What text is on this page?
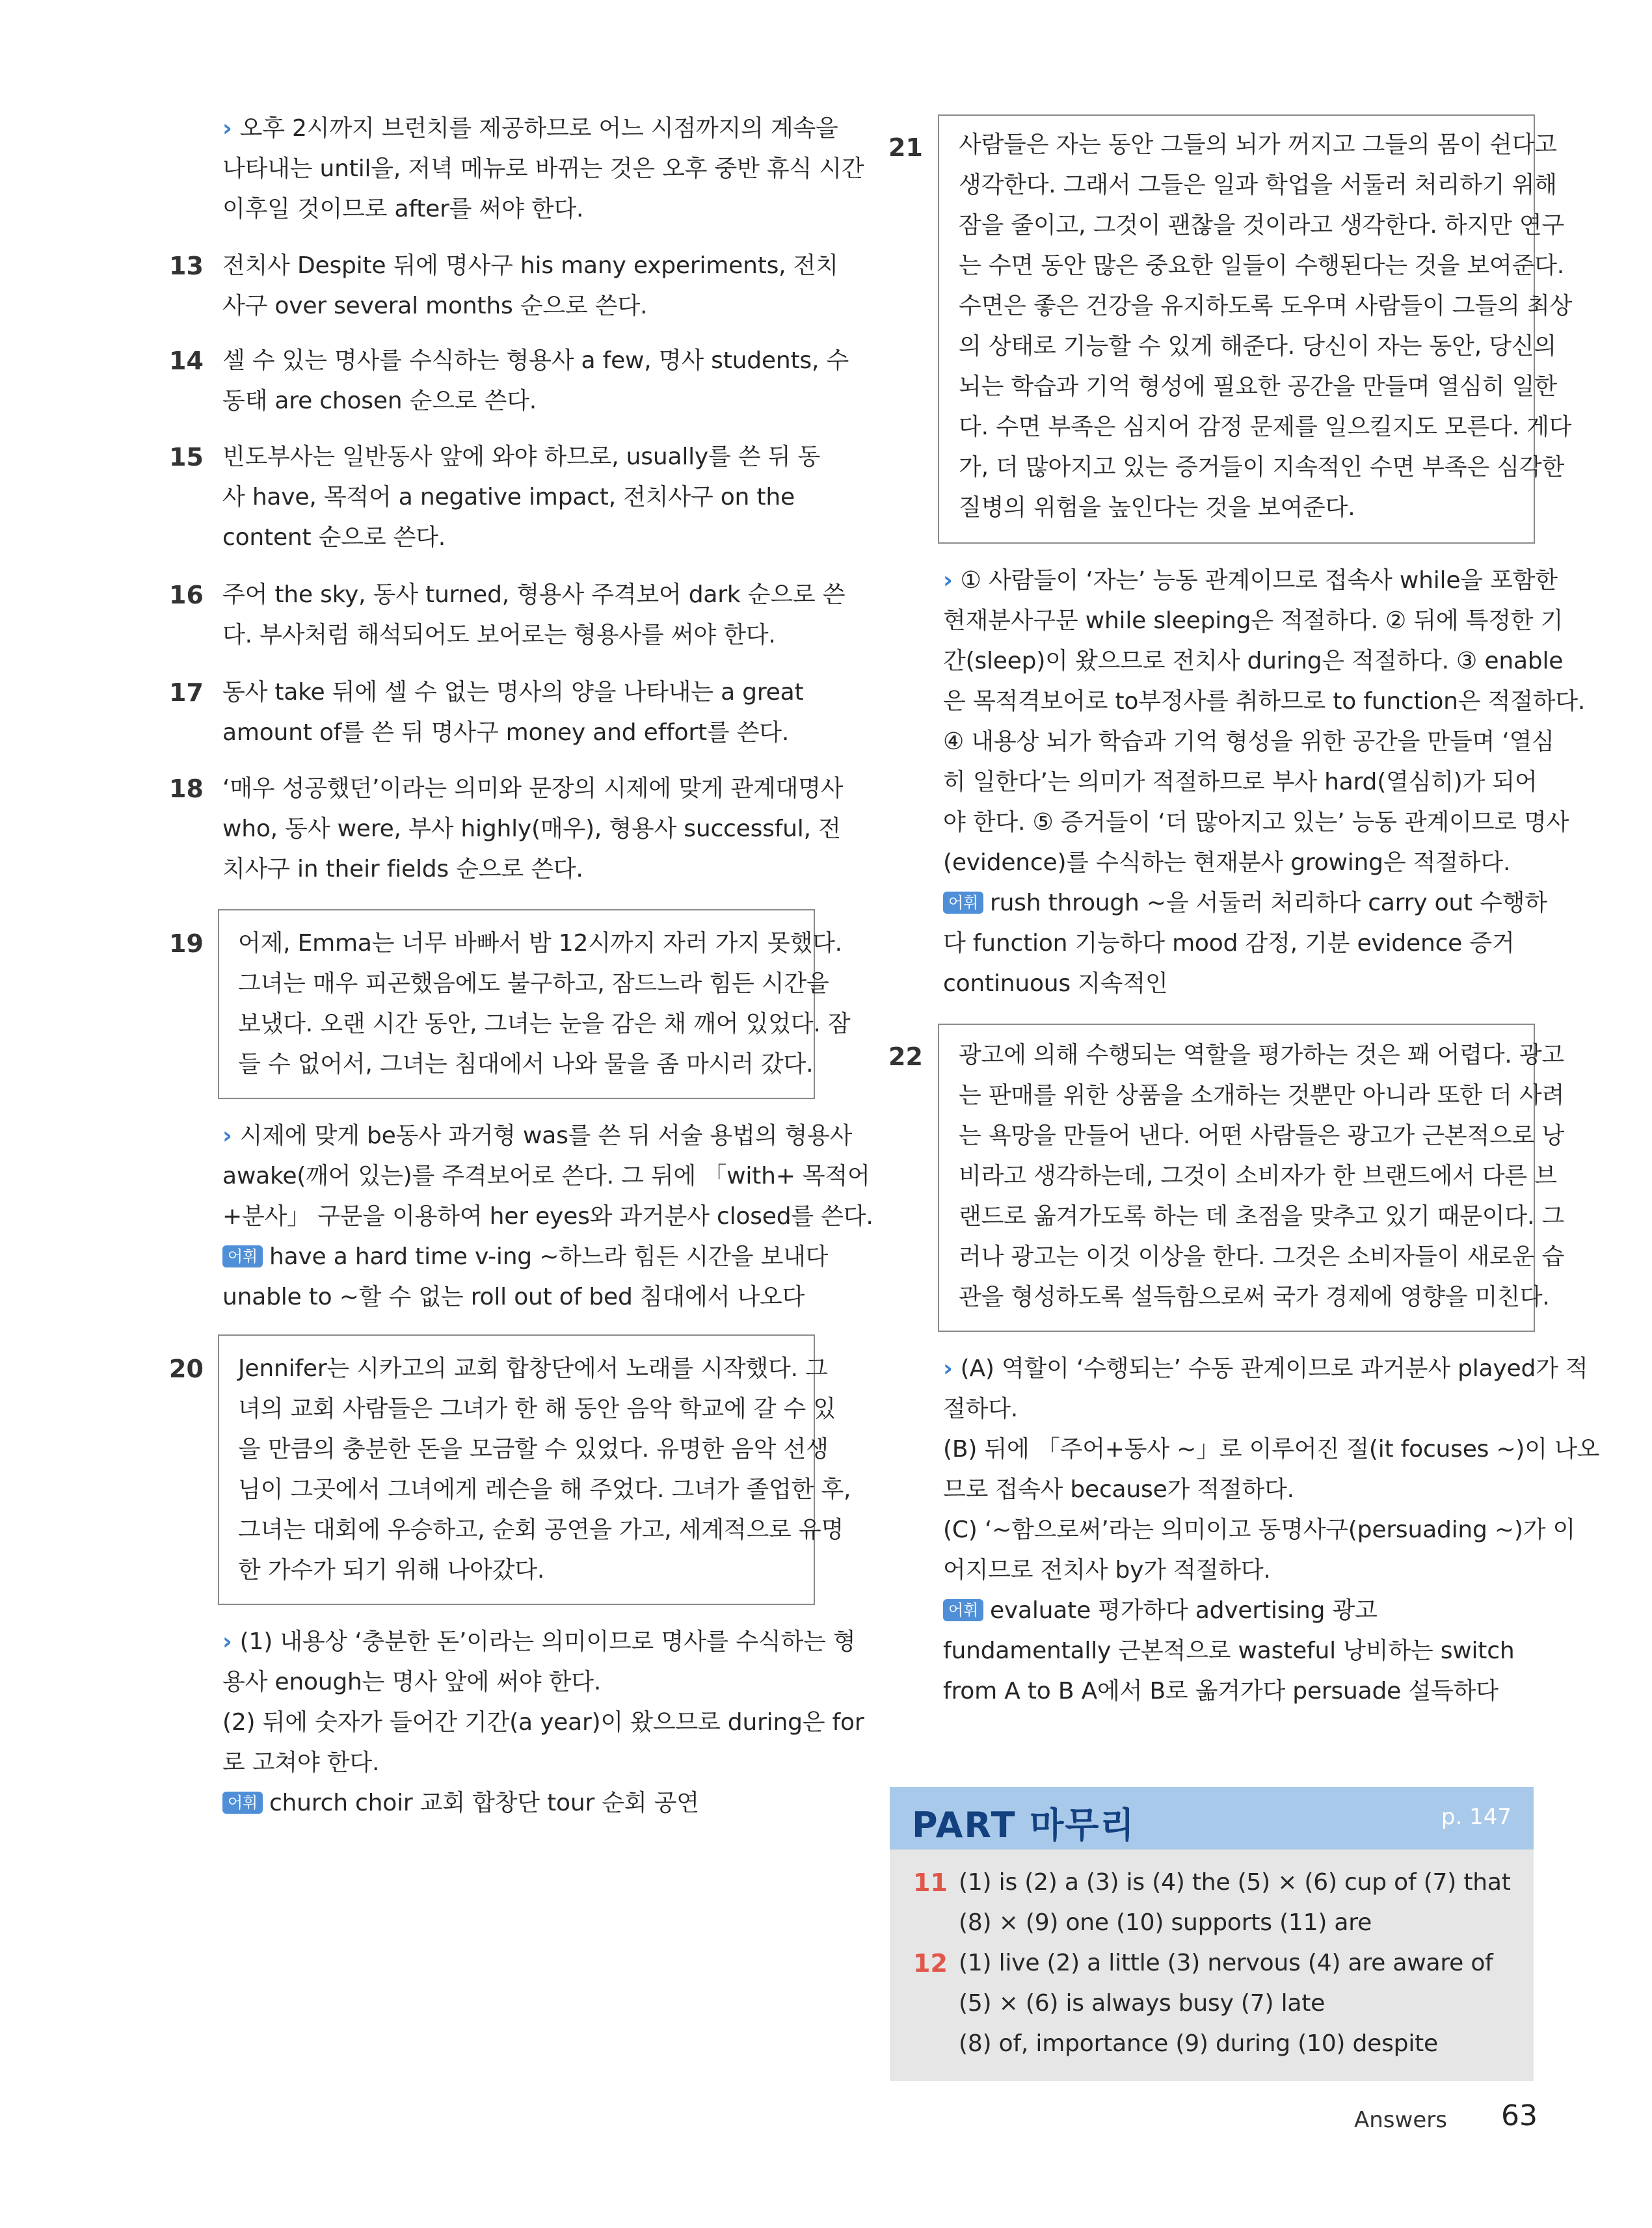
› 오후 2시까지 브런치를 제공하므로 어느 시점까지의 계속을
나타내는 until을, 저녁 메뉴로 바뀌는 것은 오후 중반 휴식 시간
이후일 것이므로 after를 써야 한다.
13 전치사 Despite 뒤에 명사구 his many experiments, 전치
사구 over several months 순으로 쓴다.
14 셀 수 있는 명사를 수식하는 형용사 a few, 명사 students, 수
동태 are chosen 순으로 쓴다.
15 빈도부사는 일반동사 앞에 와야 하므로, usually를 쓴 뒤 동
사 have, 목적어 a negative impact, 전치사구 on the
content 순으로 쓴다.
16 주어 the sky, 동사 turned, 형용사 주격보어 dark 순으로 쓴
다. 부사처럼 해석되어도 보어로는 형용사를 써야 한다.
17 동사 take 뒤에 셀 수 없는 명사의 양을 나타내는 a great
amount of를 쓴 뒤 명사구 money and effort를 쓴다.
18 ‘매우 성공했던’이라는 의미와 문장의 시제에 맞게 관계대명사
who, 동사 were, 부사 highly(매우), 형용사 successful, 전
치사구 in their fields 순으로 쓴다.
19 어제, Emma는 너무 바빠서 밤 12시까지 자러 가지 못했다.
그녀는 매우 피곤했음에도 불구하고, 잠드느라 힘든 시간을
보냈다. 오랜 시간 동안, 그녀는 눈을 감은 채 깨어 있었다. 잠
들 수 없어서, 그녀는 침대에서 나와 물을 좀 마시러 갔다.
› 시제에 맞게 be동사 과거형 was를 쓴 뒤 서술 용법의 형용사
awake(깨어 있는)를 주격보어로 쓴다. 그 뒤에 「with+ 목적어
+분사」 구문을 이용하여 her eyes와 과거분사 closed를 쓴다.
어휘 have a hard time v-ing ~하느라 힘든 시간을 보내다
unable to ~할 수 없는 roll out of bed 침대에서 나오다
20 Jennifer는 시카고의 교회 합창단에서 노래를 시작했다. 그
녀의 교회 사람들은 그녀가 한 해 동안 음악 학교에 갈 수 있
을 만큼의 충분한 돈을 모금할 수 있었다. 유명한 음악 선생
님이 그곳에서 그녀에게 레슨을 해 주었다. 그녀가 졸업한 후,
그녀는 대회에 우승하고, 순회 공연을 가고, 세계적으로 유명
한 가수가 되기 위해 나아갔다.
› (1) 내용상 ‘충분한 돈’이라는 의미이므로 명사를 수식하는 형
용사 enough는 명사 앞에 써야 한다.
(2) 뒤에 숫자가 들어간 기간(a year)이 왔으므로 during은 for
로 고쳐야 한다.
어휘 church choir 교회 합창단 tour 순회 공연
21 사람들은 자는 동안 그들의 뇌가 꺼지고 그들의 몸이 쉰다고
생각한다. 그래서 그들은 일과 학업을 서둘러 처리하기 위해
잠을 줄이고, 그것이 괜찮을 것이라고 생각한다. 하지만 연구
는 수면 동안 많은 중요한 일들이 수행된다는 것을 보여준다.
수면은 좋은 건강을 유지하도록 도우며 사람들이 그들의 최상
의 상태로 기능할 수 있게 해준다. 당신이 자는 동안, 당신의
뇌는 학습과 기억 형성에 필요한 공간을 만들며 열심히 일한
다. 수면 부족은 심지어 감정 문제를 일으킬지도 모른다. 게다
가, 더 많아지고 있는 증거들이 지속적인 수면 부족은 심각한
질병의 위험을 높인다는 것을 보여준다.
› ① 사람들이 ‘자는’ 능동 관계이므로 접속사 while을 포함한
현재분사구문 while sleeping은 적절하다. ② 뒤에 특정한 기
간(sleep)이 왔으므로 전치사 during은 적절하다. ③ enable
은 목적격보어로 to부정사를 취하므로 to function은 적절하다.
④ 내용상 뇌가 학습과 기억 형성을 위한 공간을 만들며 ‘열심
히 일한다’는 의미가 적절하므로 부사 hard(열심히)가 되어
야 한다. ⑤ 증거들이 ‘더 많아지고 있는’ 능동 관계이므로 명사
(evidence)를 수식하는 현재분사 growing은 적절하다.
어휘 rush through ~을 서둘러 처리하다 carry out 수행하
다 function 기능하다 mood 감정, 기분 evidence 증거
continuous 지속적인
22 광고에 의해 수행되는 역할을 평가하는 것은 꽤 어렵다. 광고
는 판매를 위한 상품을 소개하는 것뿐만 아니라 또한 더 사려
는 욕망을 만들어 낸다. 어떤 사람들은 광고가 근본적으로 낭
비라고 생각하는데, 그것이 소비자가 한 브랜드에서 다른 브
랜드로 옮겨가도록 하는 데 초점을 맞추고 있기 때문이다. 그
러나 광고는 이것 이상을 한다. 그것은 소비자들이 새로운 습
관을 형성하도록 설득함으로써 국가 경제에 영향을 미친다.
› (A) 역할이 ‘수행되는’ 수동 관계이므로 과거분사 played가 적
절하다.
(B) 뒤에 「주어+동사 ~」로 이루어진 절(it focuses ~)이 나오
므로 접속사 because가 적절하다.
(C) ‘~함으로써’라는 의미이고 동명사구(persuading ~)가 이
어지므로 전치사 by가 적절하다.
어휘 evaluate 평가하다 advertising 광고
fundamentally 근본적으로 wasteful 낭비하는 switch
from A to B A에서 B로 옮겨가다 persuade 설득하다
PART 마무리	p. 147
11 (1) is (2) a (3) is (4) the (5) × (6) cup of (7) that
(8) × (9) one (10) supports (11) are
12 (1) live (2) a little (3) nervous (4) are aware of
(5) × (6) is always busy (7) late
(8) of, importance (9) during (10) despite
Answers 63
